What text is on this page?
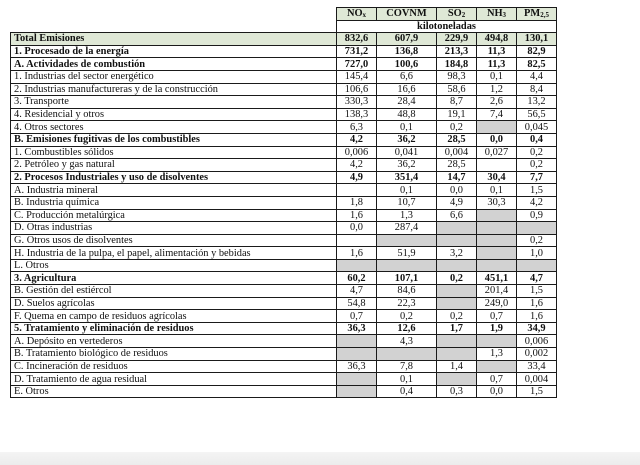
	$NO_x$	COVNM	$SO_2$	$NH_3$	$PM_{2,5}$
	kilotoneladas				
Total Emisiones	832,6	607,9	229,9	494,8	130,1
1. Procesado de la energía	731,2	136,8	213,3	11,3	82,9
A. Actividades de combustión	727,0	100,6	184,8	11,3	82,5
1. Industrias del sector energético	145,4	6,6	98,3	0,1	4,4
2. Industrias manufactureras y de la construcción	106,6	16,6	58,6	1,2	8,4
3. Transporte	330,3	28,4	8,7	2,6	13,2
4. Residencial y otros	138,3	48,8	19,1	7,4	56,5
4. Otros sectores	6,3	0,1	0,2		0,045
B. Emisiones fugitivas de los combustibles	4,2	36,2	28,5	0,0	0,4
1. Combustibles sólidos	0,006	0,041	0,004	0,027	0,2
2. Petróleo y gas natural	4,2	36,2	28,5		0,2
2. Procesos Industriales y uso de disolventes	4,9	351,4	14,7	30,4	7,7
A. Industria mineral		0,1	0,0	0,1	1,5
B. Industria química	1,8	10,7	4,9	30,3	4,2
C. Producción metalúrgica	1,6	1,3	6,6		0,9
D. Otras industrias	0,0	287,4			
G. Otros usos de disolventes					0,2
H. Industria de la pulpa, el papel, alimentación y bebidas	1,6	51,9	3,2		1,0
L. Otros					
3. Agricultura	60,2	107,1	0,2	451,1	4,7
B. Gestión del estiércol	4,7	84,6		201,4	1,5
D. Suelos agrícolas	54,8	22,3		249,0	1,6
F. Quema en campo de residuos agrícolas	0,7	0,2	0,2	0,7	1,6
5. Tratamiento y eliminación de residuos	36,3	12,6	1,7	1,9	34,9
A. Depósito en vertederos		4,3			0,006
B. Tratamiento biológico de residuos				1,3	0,002
C. Incineración de residuos	36,3	7,8	1,4		33,4
D. Tratamiento de agua residual		0,1		0,7	0,004
E. Otros		0,4	0,3	0,0	1,5
